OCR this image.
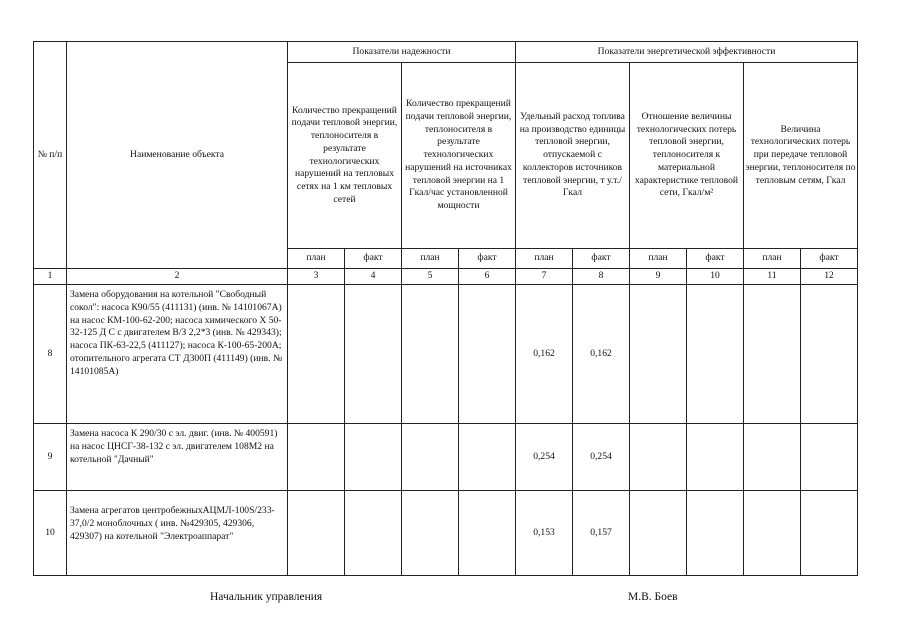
№ п/п	Наименование объекта	Показатели надежности				Показатели энергетической эффективности					
		Количество прекращений подачи тепловой энергии, теплоносителя в результате технологических нарушений на тепловых сетях на 1 км тепловых сетей		Количество прекращений подачи тепловой энергии, теплоносителя в результате технологических нарушений на источниках тепловой энергии на 1 Гкал/час установленной мощности		Удельный расход топлива на производство единицы тепловой энергии, отпускаемой с коллекторов источников тепловой энергии, т у.т./Гкал		Отношение величины технологических потерь тепловой энергии, теплоносителя к материальной характеристике тепловой сети, Гкал/м²		Величина технологических потерь при передаче тепловой энергии, теплоносителя по тепловым сетям, Гкал	
		план	факт	план	факт	план	факт	план	факт	план	факт
1	2	3	4	5	6	7	8	9	10	11	12
8	Замена оборудования на котельной "Свободный сокол": насоса К90/55 (411131) (инв. № 14101067А) на насос КМ-100-62-200; насоса химического Х 50-32-125 Д С с двигателем В/З 2,2*3 (инв. № 429343); насоса ПК-63-22,5 (411127); насоса К-100-65-200А; отопительного агрегата СТ Д300П (411149) (инв. № 14101085А)					0,162	0,162				
9	Замена насоса К 290/30 с эл. двиг. (инв. № 400591) на насос ЦНСГ-38-132 с эл. двигателем 108М2 на котельной "Дачный"					0,254	0,254				
10	Замена агрегатов центробежныхАЦМЛ-100S/233-37,0/2 моноблочных ( инв. №429305, 429306, 429307) на котельной "Электроаппарат"					0,153	0,157				
Начальник управления	М.В. Боев
